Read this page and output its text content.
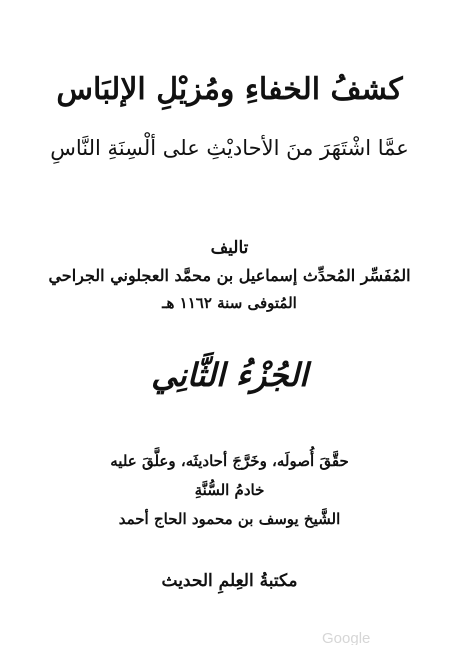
كشفُ الخفاءِ ومُزيْلِ الإلبَاس
عمَّا اشْتَهَرَ منَ الأحاديْثِ على ألْسِنَةِ النَّاسِ
تاليف
المُفَسِّر المُحدِّث إسماعيل بن محمَّد العجلوني الجراحي
المُتوفى سنة ١١٦٢ هـ
الجُزْءُ الثَّانِي
حقَّقَ أُصولَه، وخَرَّجَ أحاديثَه، وعلَّقَ عليه
خادمُ السُّنَّةِ
الشَّيخ يوسف بن محمود الحاج أحمد
مكتبةُ العِلمِ الحديث
Google
